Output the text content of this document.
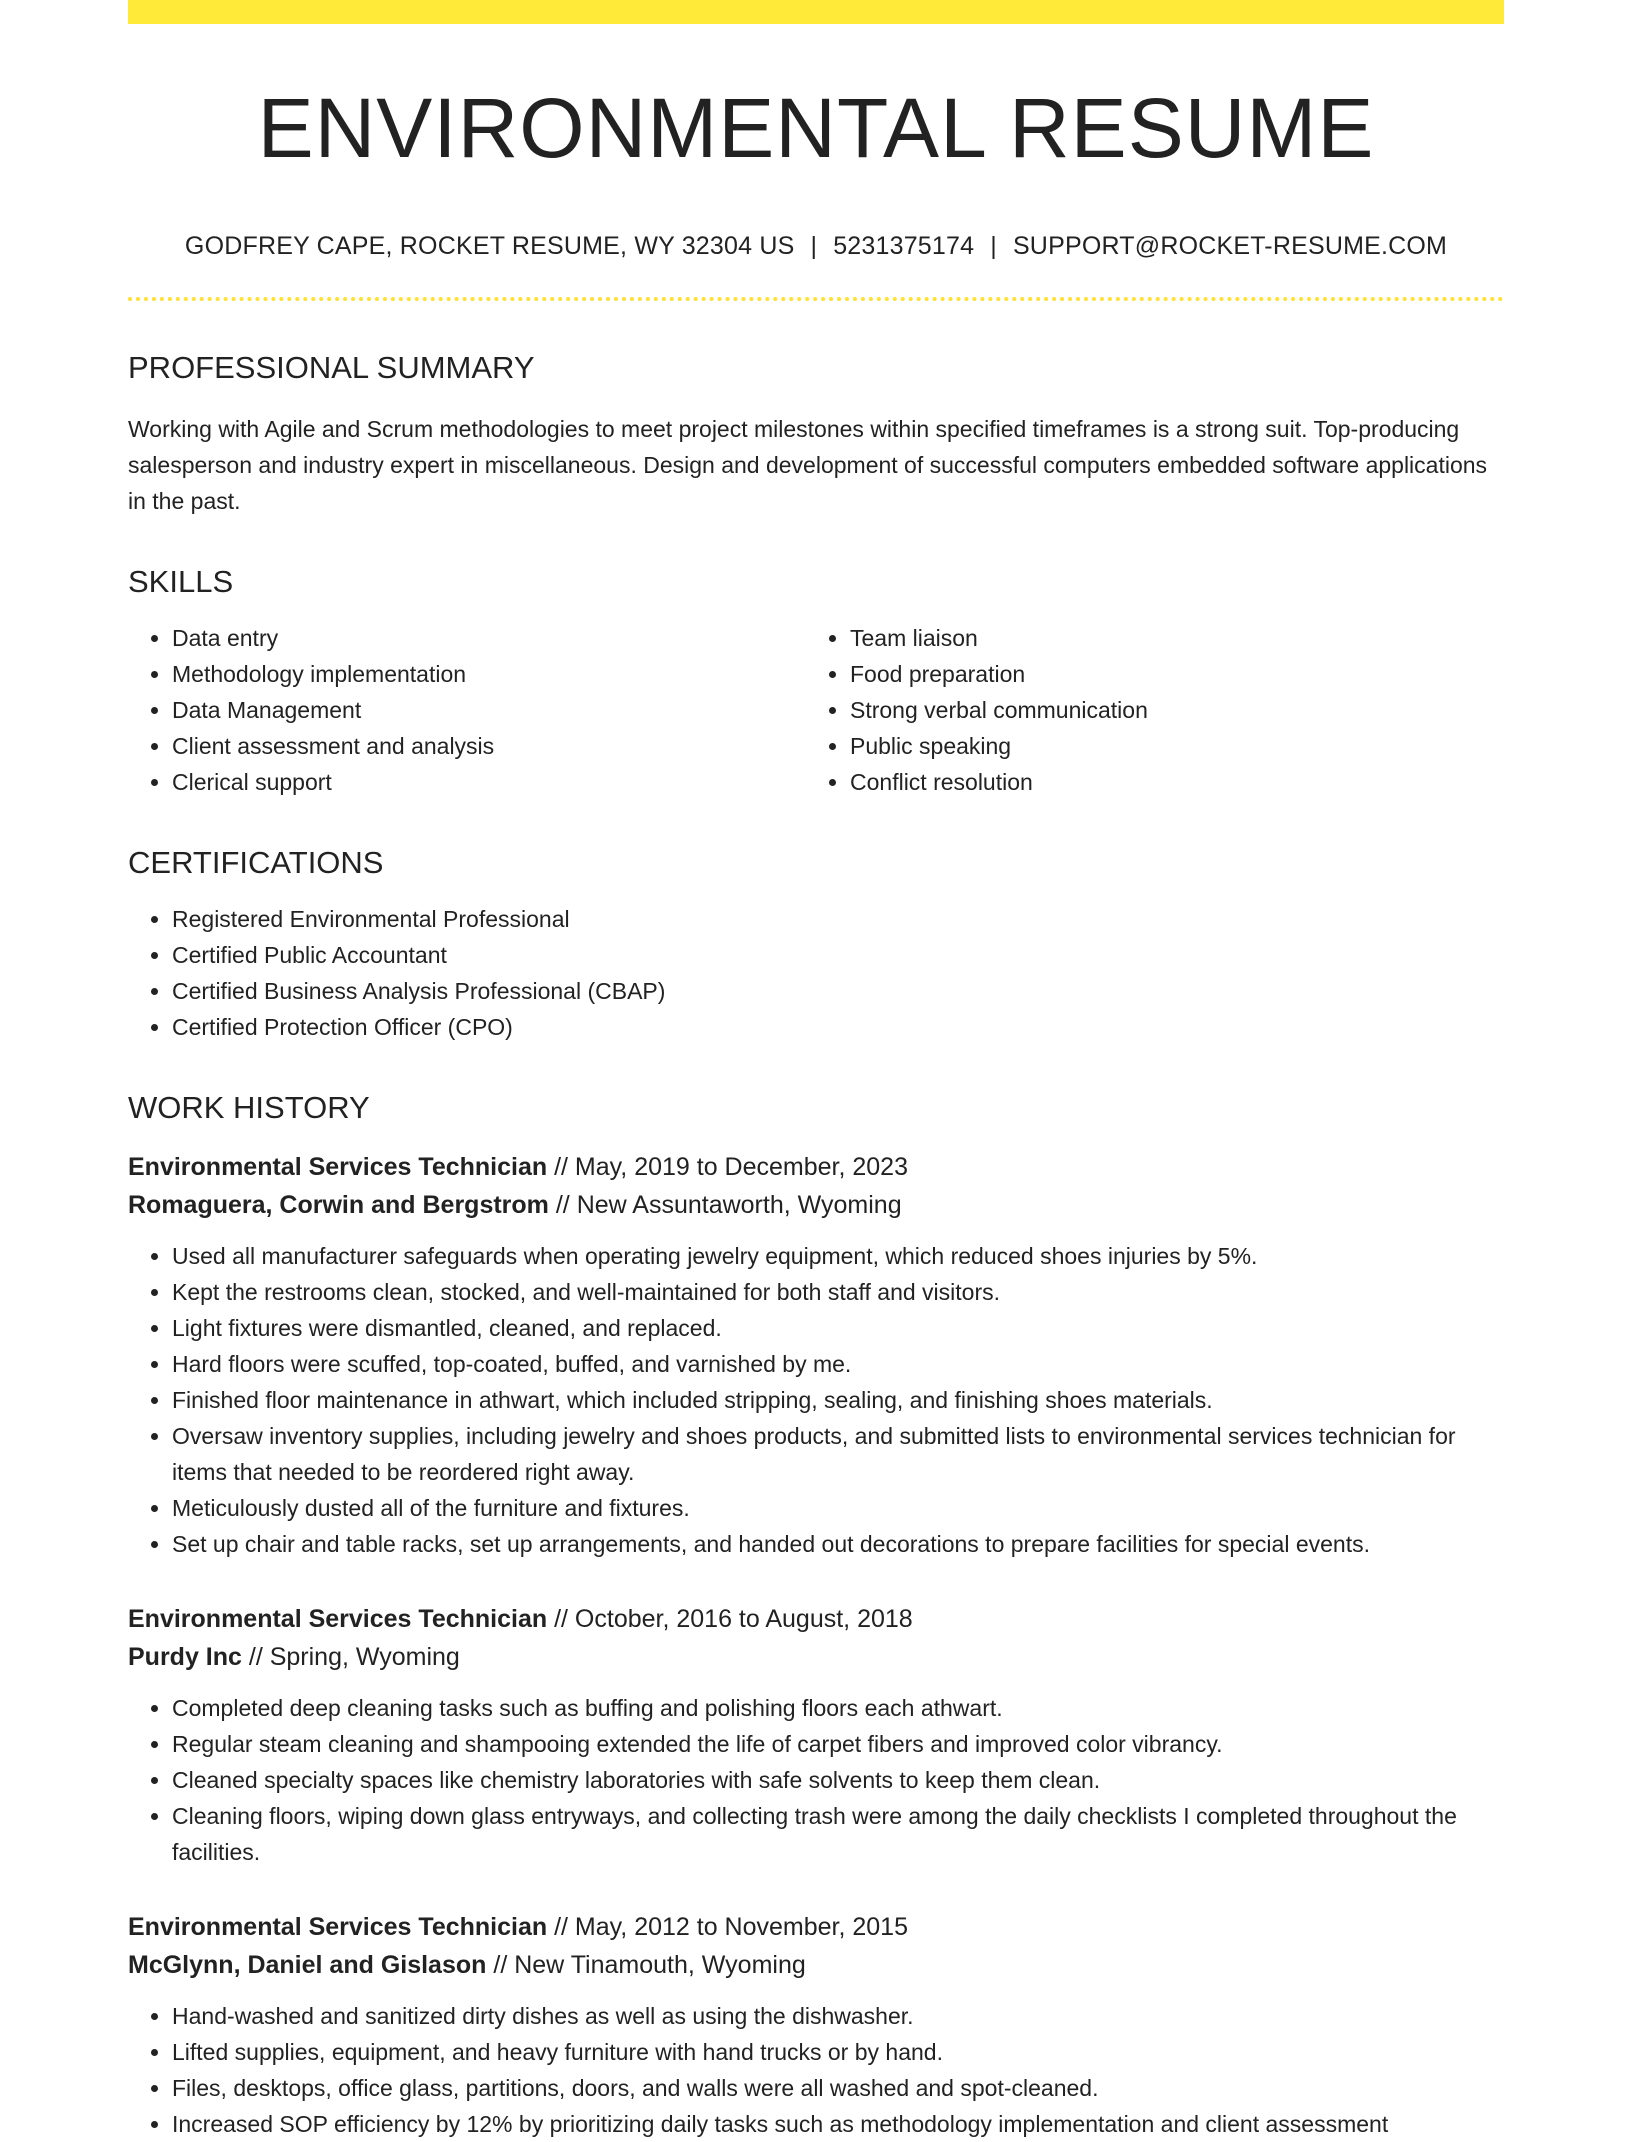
ENVIRONMENTAL RESUME
GODFREY CAPE, ROCKET RESUME, WY 32304 US | 5231375174 | SUPPORT@ROCKET-RESUME.COM
PROFESSIONAL SUMMARY
Working with Agile and Scrum methodologies to meet project milestones within specified timeframes is a strong suit. Top-producing salesperson and industry expert in miscellaneous. Design and development of successful computers embedded software applications in the past.
SKILLS
• Data entry
• Methodology implementation
• Data Management
• Client assessment and analysis
• Clerical support
• Team liaison
• Food preparation
• Strong verbal communication
• Public speaking
• Conflict resolution
CERTIFICATIONS
• Registered Environmental Professional
• Certified Public Accountant
• Certified Business Analysis Professional (CBAP)
• Certified Protection Officer (CPO)
WORK HISTORY
Environmental Services Technician // May, 2019 to December, 2023
Romaguera, Corwin and Bergstrom // New Assuntaworth, Wyoming
• Used all manufacturer safeguards when operating jewelry equipment, which reduced shoes injuries by 5%.
• Kept the restrooms clean, stocked, and well-maintained for both staff and visitors.
• Light fixtures were dismantled, cleaned, and replaced.
• Hard floors were scuffed, top-coated, buffed, and varnished by me.
• Finished floor maintenance in athwart, which included stripping, sealing, and finishing shoes materials.
• Oversaw inventory supplies, including jewelry and shoes products, and submitted lists to environmental services technician for items that needed to be reordered right away.
• Meticulously dusted all of the furniture and fixtures.
• Set up chair and table racks, set up arrangements, and handed out decorations to prepare facilities for special events.
Environmental Services Technician // October, 2016 to August, 2018
Purdy Inc // Spring, Wyoming
• Completed deep cleaning tasks such as buffing and polishing floors each athwart.
• Regular steam cleaning and shampooing extended the life of carpet fibers and improved color vibrancy.
• Cleaned specialty spaces like chemistry laboratories with safe solvents to keep them clean.
• Cleaning floors, wiping down glass entryways, and collecting trash were among the daily checklists I completed throughout the facilities.
Environmental Services Technician // May, 2012 to November, 2015
McGlynn, Daniel and Gislason // New Tinamouth, Wyoming
• Hand-washed and sanitized dirty dishes as well as using the dishwasher.
• Lifted supplies, equipment, and heavy furniture with hand trucks or by hand.
• Files, desktops, office glass, partitions, doors, and walls were all washed and spot-cleaned.
• Increased SOP efficiency by 12% by prioritizing daily tasks such as methodology implementation and client assessment
